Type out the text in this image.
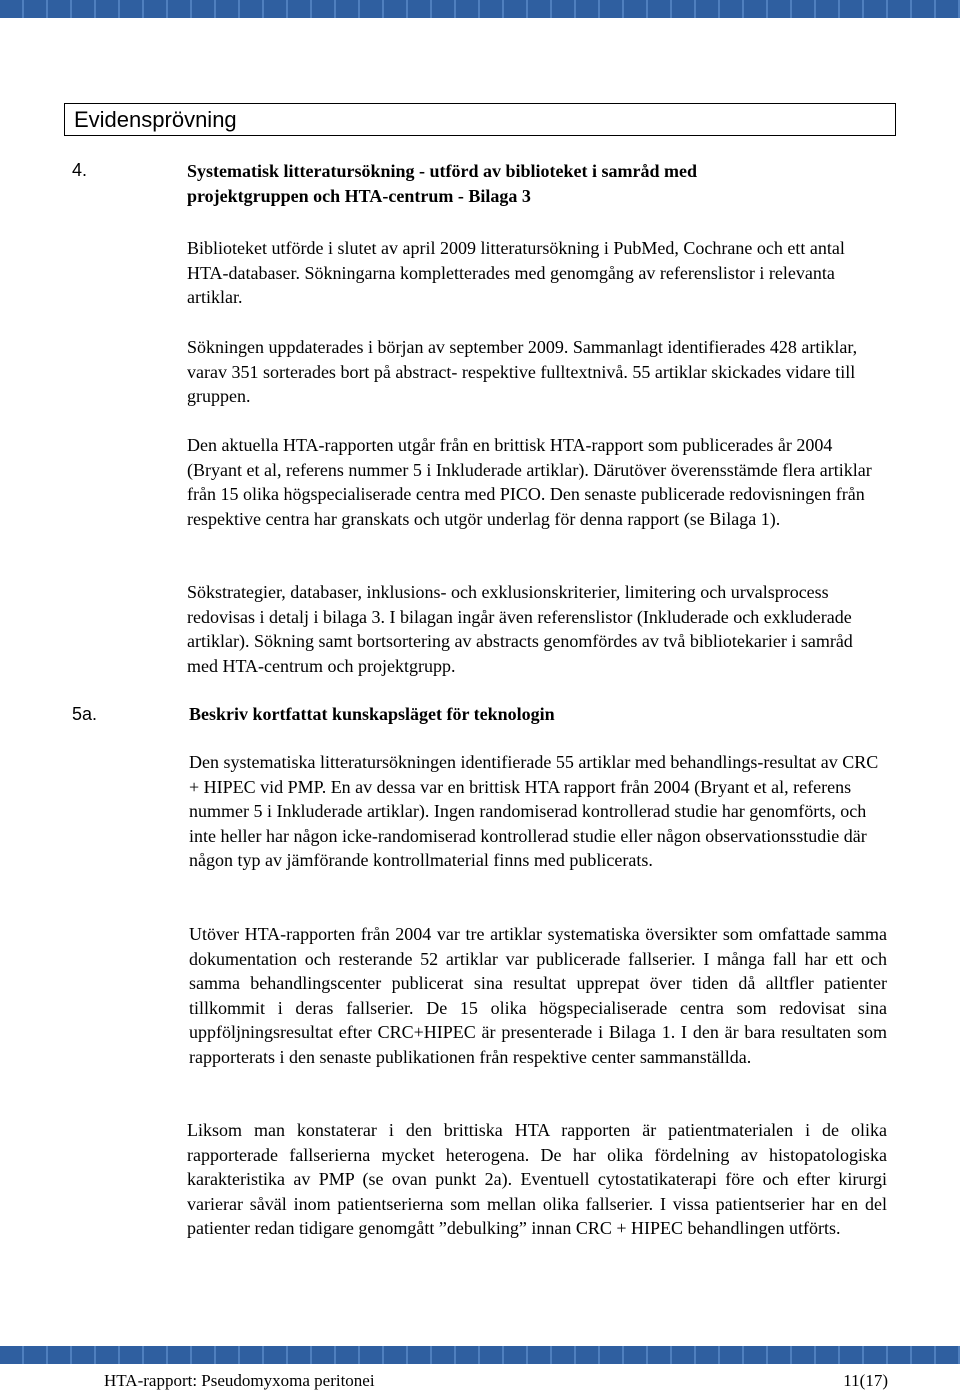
Evidensprövning
4.	Systematisk litteratursökning - utförd av biblioteket i samråd med
projektgruppen och HTA-centrum - Bilaga 3
Biblioteket utförde i slutet av april 2009 litteratursökning i PubMed, Cochrane och ett antal HTA-databaser. Sökningarna kompletterades med genomgång av referenslistor i relevanta artiklar.
Sökningen uppdaterades i början av september 2009. Sammanlagt identifierades 428 artiklar, varav 351 sorterades bort på abstract- respektive fulltextnivå. 55 artiklar skickades vidare till gruppen.
Den aktuella HTA-rapporten utgår från en brittisk HTA-rapport som publicerades år 2004 (Bryant et al, referens nummer 5 i Inkluderade artiklar). Därutöver överensstämde flera artiklar från 15 olika högspecialiserade centra med PICO. Den senaste publicerade redovisningen från respektive centra har granskats och utgör underlag för denna rapport (se Bilaga 1).
Sökstrategier, databaser, inklusions- och exklusionskriterier, limitering och urvalsprocess redovisas i detalj i bilaga 3. I bilagan ingår även referenslistor (Inkluderade och exkluderade artiklar). Sökning samt bortsortering av abstracts genomfördes av två bibliotekarier i samråd med HTA-centrum och projektgrupp.
5a.	Beskriv kortfattat kunskapsläget för teknologin
Den systematiska litteratursökningen identifierade 55 artiklar med behandlings-resultat av CRC + HIPEC vid PMP. En av dessa var en brittisk HTA rapport från 2004 (Bryant et al, referens nummer 5 i Inkluderade artiklar). Ingen randomiserad kontrollerad studie har genomförts, och inte heller har någon icke-randomiserad kontrollerad studie eller någon observationsstudie där någon typ av jämförande kontrollmaterial finns med publicerats.
Utöver HTA-rapporten från 2004 var tre artiklar systematiska översikter som omfattade samma dokumentation och resterande 52 artiklar var publicerade fallserier. I många fall har ett och samma behandlingscenter publicerat sina resultat upprepat över tiden då alltfler patienter tillkommit i deras fallserier. De 15 olika högspecialiserade centra som redovisat sina uppföljningsresultat efter CRC+HIPEC är presenterade i Bilaga 1. I den är bara resultaten som rapporterats i den senaste publikationen från respektive center sammanställda.
Liksom man konstaterar i den brittiska HTA rapporten är patientmaterialen i de olika rapporterade fallserierna mycket heterogena. De har olika fördelning av histopatologiska karakteristika av PMP (se ovan punkt 2a). Eventuell cytostatikaterapi före och efter kirurgi varierar såväl inom patientserierna som mellan olika fallserier. I vissa patientserier har en del patienter redan tidigare genomgått ”debulking” innan CRC + HIPEC behandlingen utförts.
HTA-rapport: Pseudomyxoma peritonei	11(17)
